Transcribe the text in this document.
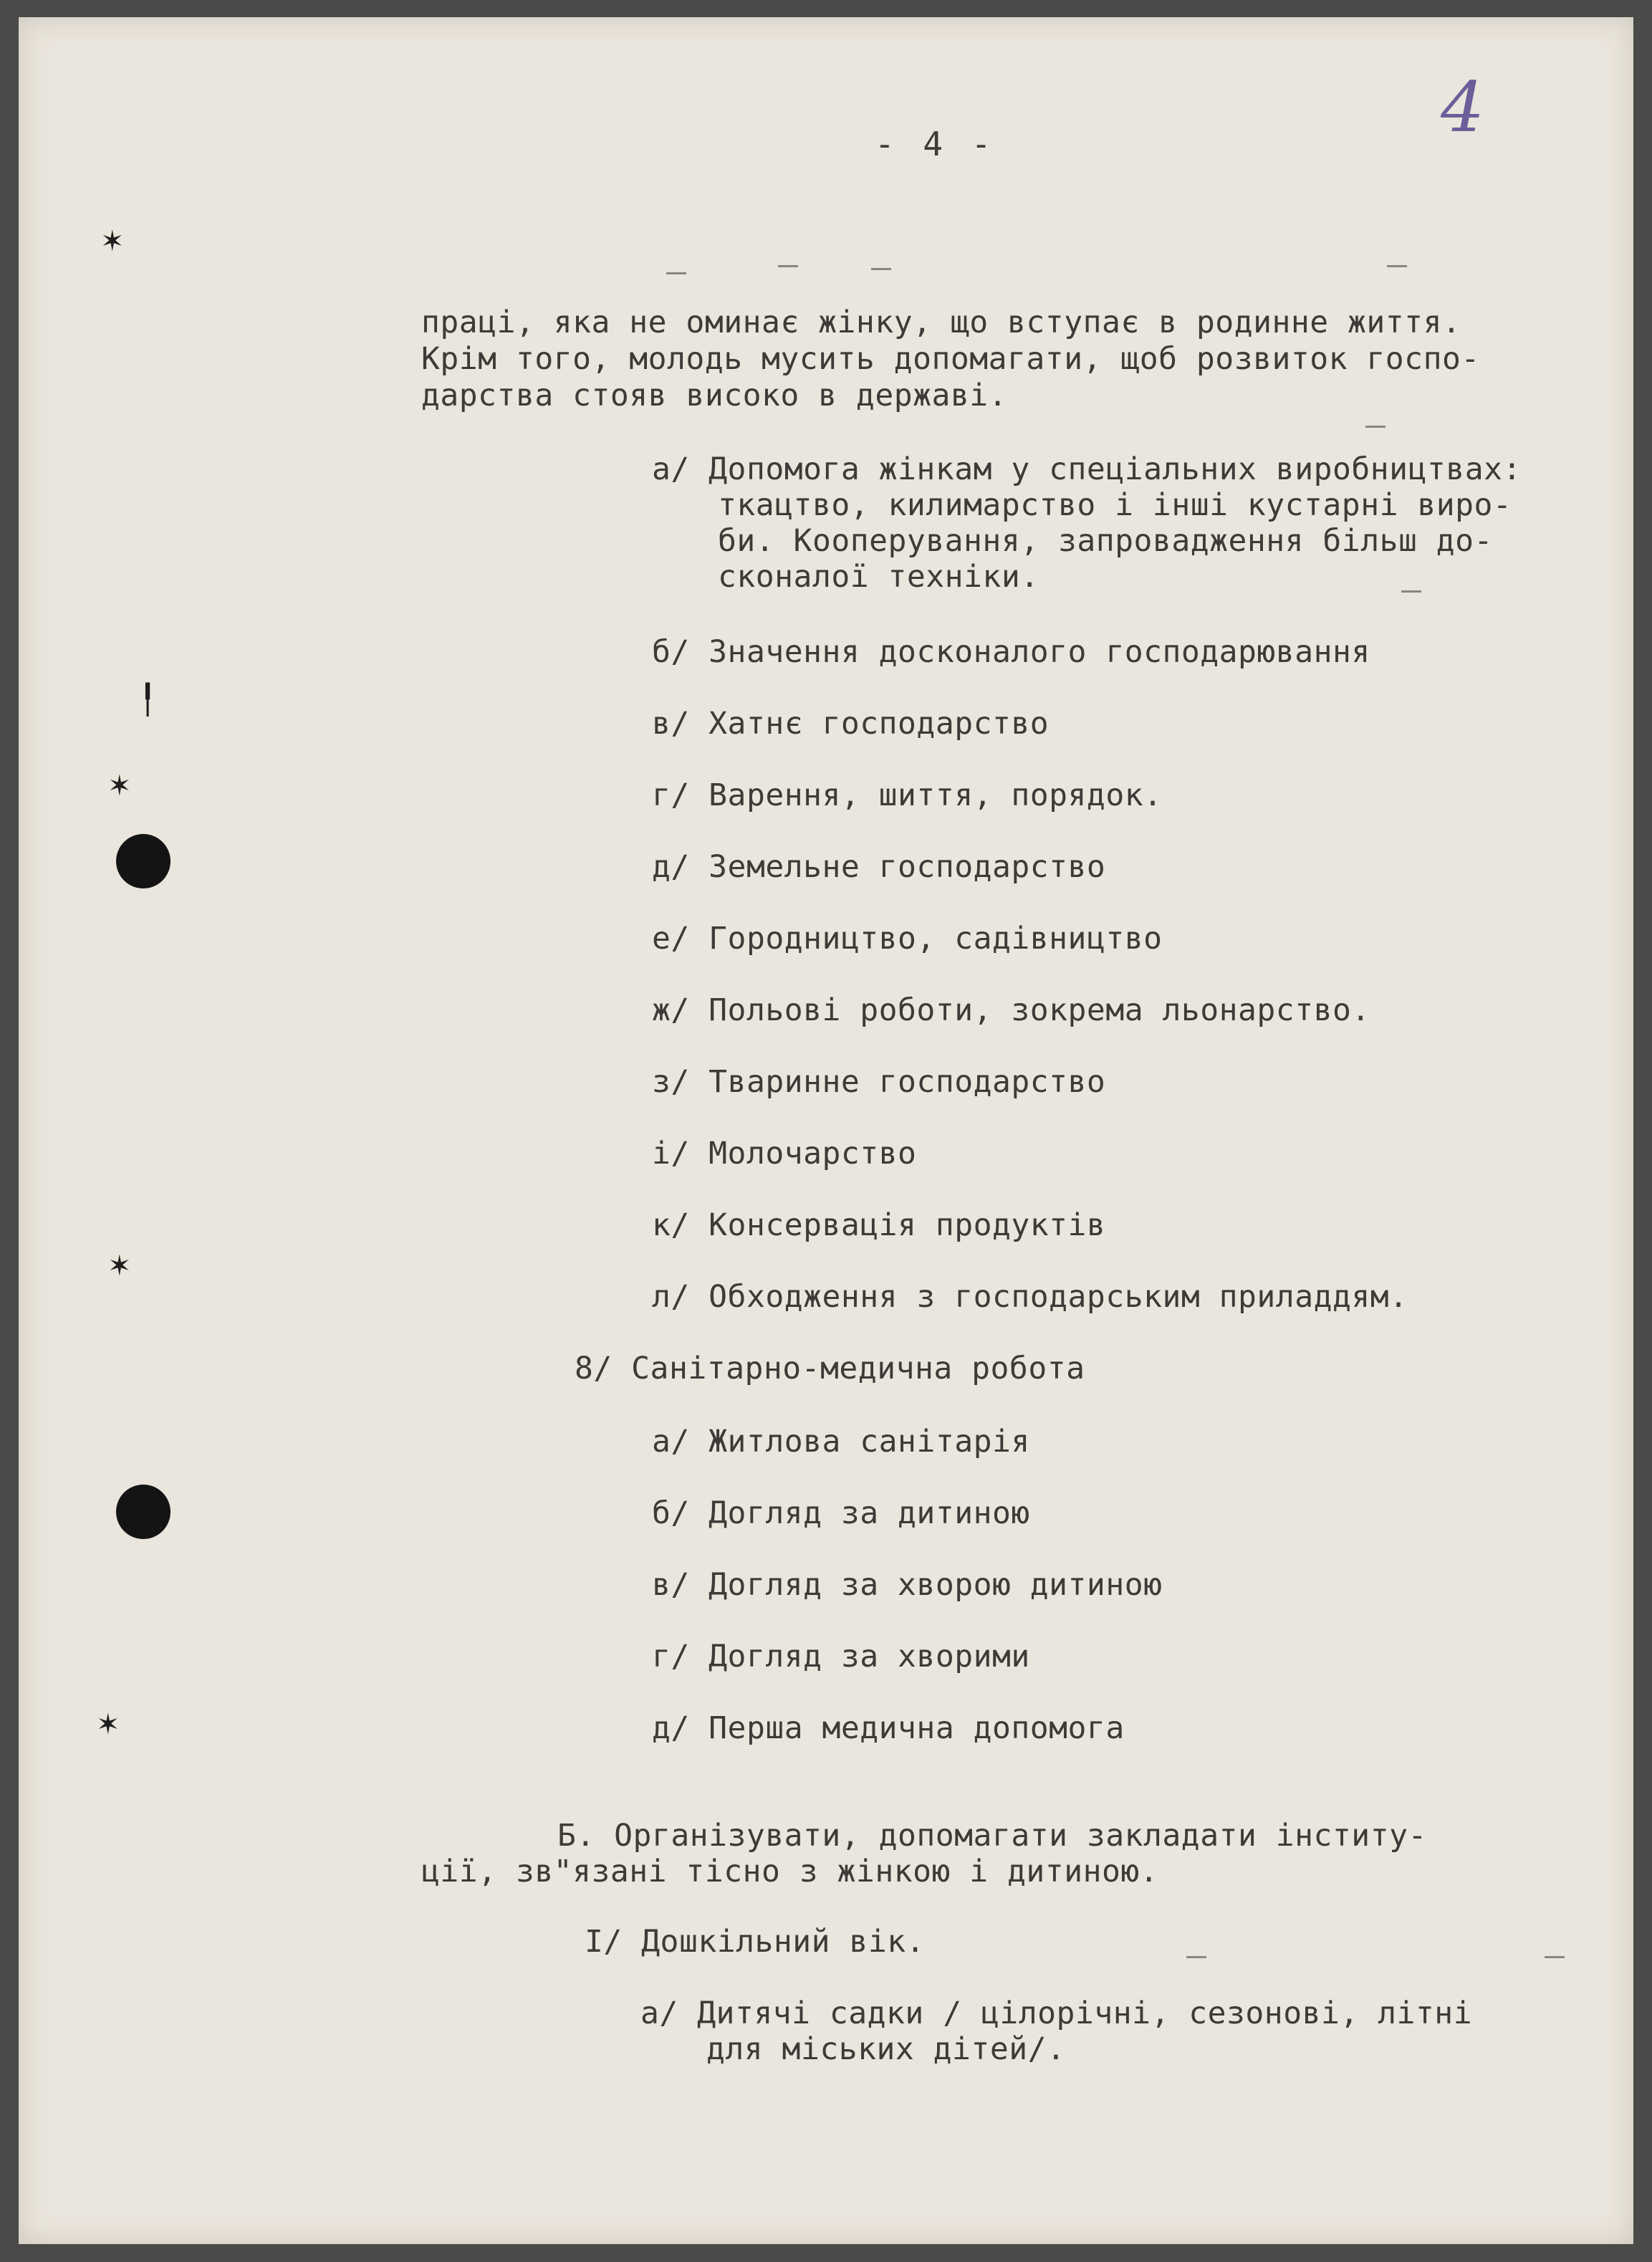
✶
╿
✶
✶
✶
- 4 -	4
праці, яка не оминає жінку, що вступає в родинне життя.
Крім того, молодь мусить допомагати, щоб розвиток госпо-
дарства стояв високо в державі.
а/ Допомога жінкам у спеціальних виробництвах:
ткацтво, килимарство і інші кустарні виро-
би. Кооперування, запровадження більш до-
сконалої техніки.
б/ Значення досконалого господарювання
в/ Хатнє господарство
г/ Варення, шиття, порядок.
д/ Земельне господарство
е/ Городництво, садівництво
ж/ Польові роботи, зокрема льонарство.
з/ Тваринне господарство
і/ Молочарство
к/ Консервація продуктів
л/ Обходження з господарським приладдям.
8/ Санітарно-медична робота
а/ Житлова санітарія
б/ Догляд за дитиною
в/ Догляд за хворою дитиною
г/ Догляд за хворими
д/ Перша медична допомога
Б. Організувати, допомагати закладати інститу-
ції, зв"язані тісно з жінкою і дитиною.
І/ Дошкільний вік.
а/ Дитячі садки / цілорічні, сезонові, літні
для міських дітей/.
